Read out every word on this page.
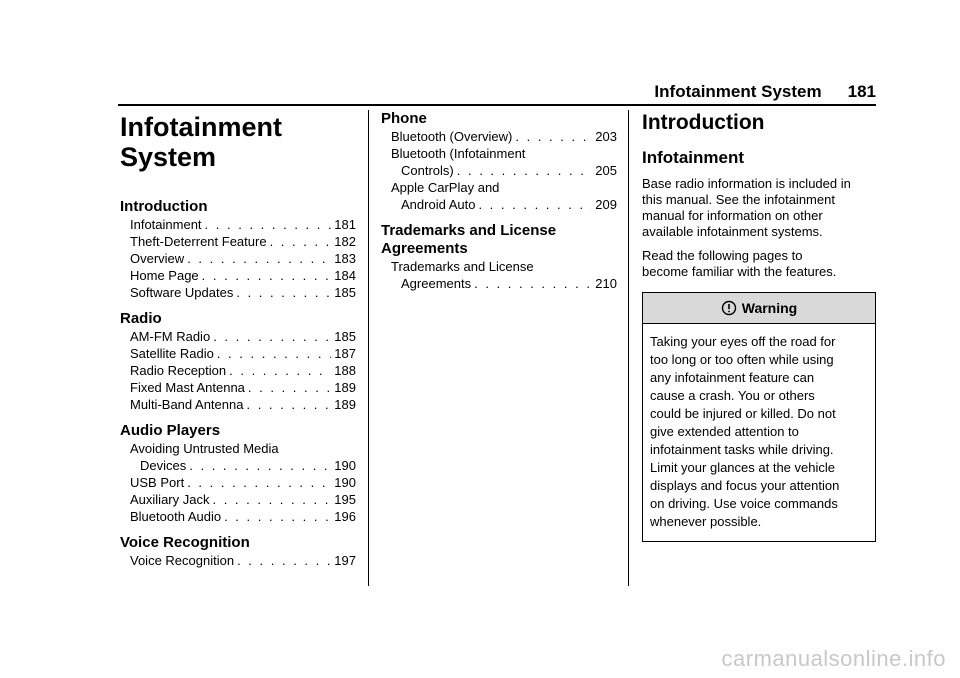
Infotainment System 181
Infotainment
System
Introduction
Infotainment . . .	181
Theft-Deterrent Feature . . .	182
Overview . . .	183
Home Page . . .	184
Software Updates . . .	185
Radio
AM-FM Radio . . .	185
Satellite Radio . . .	187
Radio Reception . . .	188
Fixed Mast Antenna . . .	189
Multi-Band Antenna . . .	189
Audio Players
Avoiding Untrusted Media
Devices . . .	190
USB Port . . .	190
Auxiliary Jack . . .	195
Bluetooth Audio . . .	196
Voice Recognition
Voice Recognition . . .	197
Phone
Bluetooth (Overview) . . .	203
Bluetooth (Infotainment
Controls) . . .	205
Apple CarPlay and
Android Auto . . .	209
Trademarks and License
Agreements
Trademarks and License
Agreements . . .	210
Introduction
Infotainment
Base radio information is included in
this manual. See the infotainment
manual for information on other
available infotainment systems.
Read the following pages to
become familiar with the features.
Warning
Taking your eyes off the road for
too long or too often while using
any infotainment feature can
cause a crash. You or others
could be injured or killed. Do not
give extended attention to
infotainment tasks while driving.
Limit your glances at the vehicle
displays and focus your attention
on driving. Use voice commands
whenever possible.
carmanualsonline.info
